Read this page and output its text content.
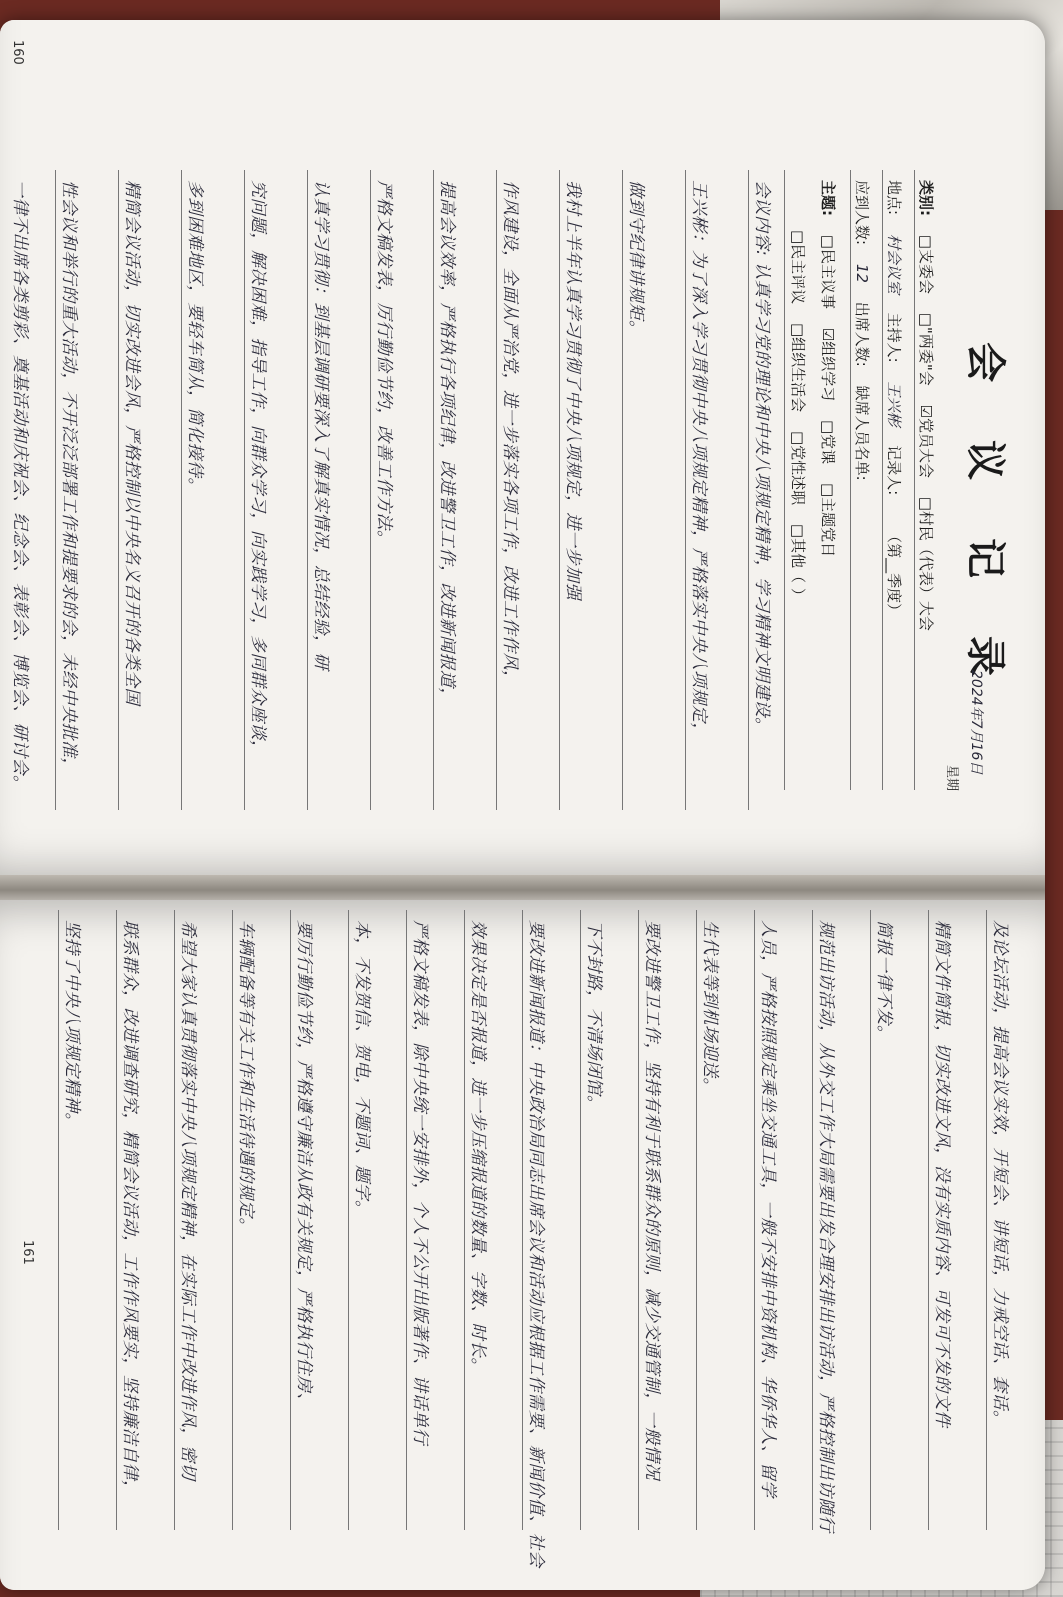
会 议 记 录
2024年7月16日
星期
类别: □支委会 □"两委"会 ☑党员大会 □村民（代表）大会
地点: 村会议室 主持人: 王兴彬 记录人: （第__季度）
应到人数: 12 出席人数: 缺席人员名单:
主题: □民主议事 ☑组织学习 □党课 □主题党日
□民主评议 □组织生活会 □党性述职 □其他（ ）
会议内容: 认真学习党的理论和中央八项规定精神，学习精神文明建设。
王兴彬：为了深入学习贯彻中央八项规定精神，严格落实中央八项规定，
做到守纪律讲规矩。
我村上半年认真学习贯彻了中央八项规定，进一步加强
作风建设，全面从严治党，进一步落实各项工作，改进工作作风，
提高会议效率，严格执行各项纪律，改进警卫工作，改进新闻报道，
严格文稿发表，厉行勤俭节约，改善工作方法。
认真学习贯彻：到基层调研要深入了解真实情况，总结经验，研
究问题，解决困难，指导工作，向群众学习，向实践学习，多同群众座谈，
多到困难地区，要轻车简从，简化接待。
精简会议活动，切实改进会风，严格控制以中央名义召开的各类全国
性会议和举行的重大活动，不开泛泛部署工作和提要求的会，未经中央批准，
一律不出席各类剪彩、奠基活动和庆祝会、纪念会、表彰会、博览会、研讨会。
160
及论坛活动，提高会议实效，开短会、讲短话，力戒空话、套话。
精简文件简报，切实改进文风，没有实质内容、可发可不发的文件
简报一律不发。
规范出访活动，从外交工作大局需要出发合理安排出访活动，严格控制出访随行
人员，严格按照规定乘坐交通工具，一般不安排中资机构、华侨华人、留学
生代表等到机场迎送。
要改进警卫工作，坚持有利于联系群众的原则，减少交通管制，一般情况
下不封路，不清场闭馆。
要改进新闻报道：中央政治局同志出席会议和活动应根据工作需要、新闻价值、社会
效果决定是否报道，进一步压缩报道的数量、字数、时长。
严格文稿发表，除中央统一安排外，个人不公开出版著作、讲话单行
本，不发贺信、贺电，不题词、题字。
要厉行勤俭节约，严格遵守廉洁从政有关规定，严格执行住房、
车辆配备等有关工作和生活待遇的规定。
希望大家认真贯彻落实中央八项规定精神，在实际工作中改进作风，密切
联系群众，改进调查研究，精简会议活动，工作作风要实，坚持廉洁自律，
坚持了中央八项规定精神。
161
